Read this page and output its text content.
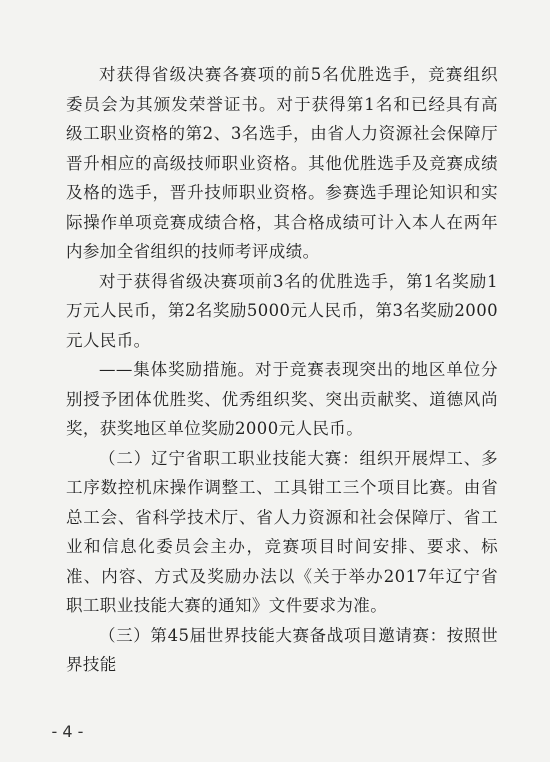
对获得省级决赛各赛项的前5名优胜选手，竞赛组织委员会为其颁发荣誉证书。对于获得第1名和已经具有高级工职业资格的第2、3名选手，由省人力资源社会保障厅晋升相应的高级技师职业资格。其他优胜选手及竞赛成绩及格的选手，晋升技师职业资格。参赛选手理论知识和实际操作单项竞赛成绩合格，其合格成绩可计入本人在两年内参加全省组织的技师考评成绩。

对于获得省级决赛项前3名的优胜选手，第1名奖励1万元人民币，第2名奖励5000元人民币，第3名奖励2000元人民币。

——集体奖励措施。对于竞赛表现突出的地区单位分别授予团体优胜奖、优秀组织奖、突出贡献奖、道德风尚奖，获奖地区单位奖励2000元人民币。

（二）辽宁省职工职业技能大赛：组织开展焊工、多工序数控机床操作调整工、工具钳工三个项目比赛。由省总工会、省科学技术厅、省人力资源和社会保障厅、省工业和信息化委员会主办，竞赛项目时间安排、要求、标准、内容、方式及奖励办法以《关于举办2017年辽宁省职工职业技能大赛的通知》文件要求为准。

（三）第45届世界技能大赛备战项目邀请赛：按照世界技能

- 4 -
